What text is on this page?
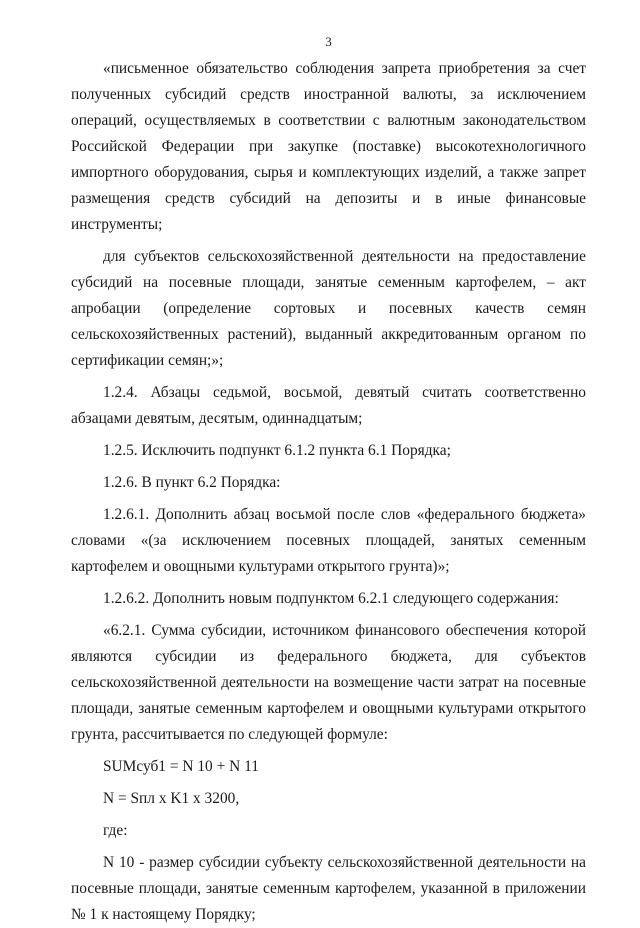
3

«письменное обязательство соблюдения запрета приобретения за счет полученных субсидий средств иностранной валюты, за исключением операций, осуществляемых в соответствии с валютным законодательством Российской Федерации при закупке (поставке) высокотехнологичного импортного оборудования, сырья и комплектующих изделий, а также запрет размещения средств субсидий на депозиты и в иные финансовые инструменты;

для субъектов сельскохозяйственной деятельности на предоставление субсидий на посевные площади, занятые семенным картофелем, – акт апробации (определение сортовых и посевных качеств семян сельскохозяйственных растений), выданный аккредитованным органом по сертификации семян;»;

1.2.4. Абзацы седьмой, восьмой, девятый считать соответственно абзацами девятым, десятым, одиннадцатым;

1.2.5. Исключить подпункт 6.1.2 пункта 6.1 Порядка;

1.2.6. В пункт 6.2 Порядка:

1.2.6.1. Дополнить абзац восьмой после слов «федерального бюджета» словами «(за исключением посевных площадей, занятых семенным картофелем и овощными культурами открытого грунта)»;

1.2.6.2. Дополнить новым подпунктом 6.2.1 следующего содержания:

«6.2.1. Сумма субсидии, источником финансового обеспечения которой являются субсидии из федерального бюджета, для субъектов сельскохозяйственной деятельности на возмещение части затрат на посевные площади, занятые семенным картофелем и овощными культурами открытого грунта, рассчитывается по следующей формуле:

SUMсуб1 = N 10 + N 11

N = Sпл х K1 х 3200,

где:

N 10 - размер субсидии субъекту сельскохозяйственной деятельности на посевные площади, занятые семенным картофелем, указанной в приложении № 1 к настоящему Порядку;
